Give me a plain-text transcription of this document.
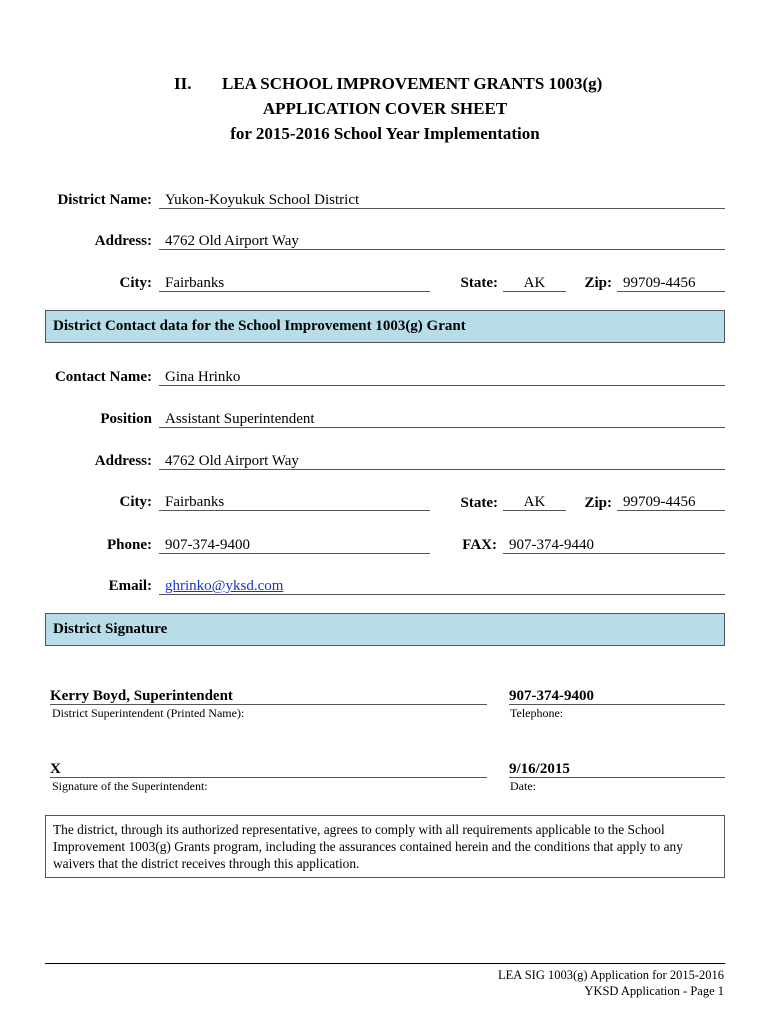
II. LEA SCHOOL IMPROVEMENT GRANTS 1003(g)
APPLICATION COVER SHEET
for 2015-2016 School Year Implementation
District Name: Yukon-Koyukuk School District
Address: 4762 Old Airport Way
City: Fairbanks	State:	AK	Zip: 99709-4456
District Contact data for the School Improvement 1003(g) Grant
Contact Name: Gina Hrinko
Position Assistant Superintendent
Address: 4762 Old Airport Way
City: Fairbanks	State:	AK	Zip: 99709-4456
Phone: 907-374-9400	FAX: 907-374-9440
Email: ghrinko@yksd.com
District Signature
Kerry Boyd, Superintendent
District Superintendent (Printed Name):
907-374-9400
Telephone:
X
Signature of the Superintendent:
9/16/2015
Date:
The district, through its authorized representative, agrees to comply with all requirements applicable to the School Improvement 1003(g) Grants program, including the assurances contained herein and the conditions that apply to any waivers that the district receives through this application.
LEA SIG 1003(g) Application for 2015-2016
YKSD Application - Page 1
